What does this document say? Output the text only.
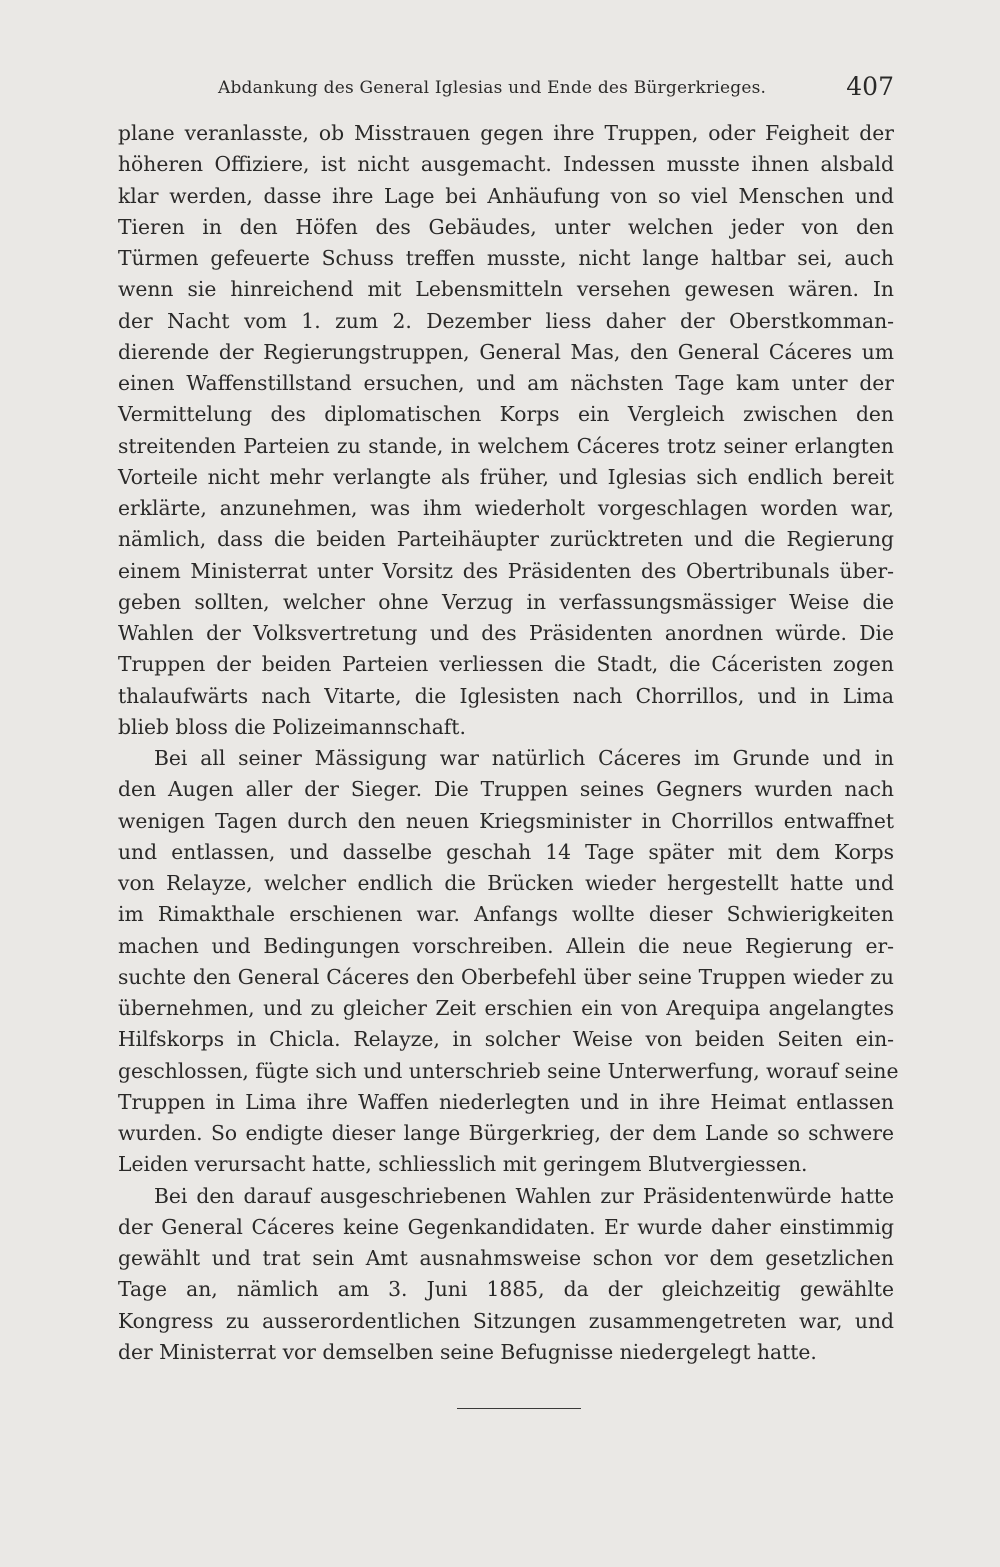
Abdankung des General Iglesias und Ende des Bürgerkrieges.	407
plane veranlasste, ob Misstrauen gegen ihre Truppen, oder Feigheit der
höheren Offiziere, ist nicht ausgemacht. Indessen musste ihnen alsbald
klar werden, dasse ihre Lage bei Anhäufung von so viel Menschen und
Tieren in den Höfen des Gebäudes, unter welchen jeder von den
Türmen gefeuerte Schuss treffen musste, nicht lange haltbar sei, auch
wenn sie hinreichend mit Lebensmitteln versehen gewesen wären. In
der Nacht vom 1. zum 2. Dezember liess daher der Oberstkomman-
dierende der Regierungstruppen, General Mas, den General Cáceres um
einen Waffenstillstand ersuchen, und am nächsten Tage kam unter der
Vermittelung des diplomatischen Korps ein Vergleich zwischen den
streitenden Parteien zu stande, in welchem Cáceres trotz seiner erlangten
Vorteile nicht mehr verlangte als früher, und Iglesias sich endlich bereit
erklärte, anzunehmen, was ihm wiederholt vorgeschlagen worden war,
nämlich, dass die beiden Parteihäupter zurücktreten und die Regierung
einem Ministerrat unter Vorsitz des Präsidenten des Obertribunals über-
geben sollten, welcher ohne Verzug in verfassungsmässiger Weise die
Wahlen der Volksvertretung und des Präsidenten anordnen würde. Die
Truppen der beiden Parteien verliessen die Stadt, die Cáceristen zogen
thalaufwärts nach Vitarte, die Iglesisten nach Chorrillos, und in Lima
blieb bloss die Polizeimannschaft.
Bei all seiner Mässigung war natürlich Cáceres im Grunde und in
den Augen aller der Sieger. Die Truppen seines Gegners wurden nach
wenigen Tagen durch den neuen Kriegsminister in Chorrillos entwaffnet
und entlassen, und dasselbe geschah 14 Tage später mit dem Korps
von Relayze, welcher endlich die Brücken wieder hergestellt hatte und
im Rimakthale erschienen war. Anfangs wollte dieser Schwierigkeiten
machen und Bedingungen vorschreiben. Allein die neue Regierung er-
suchte den General Cáceres den Oberbefehl über seine Truppen wieder zu
übernehmen, und zu gleicher Zeit erschien ein von Arequipa angelangtes
Hilfskorps in Chicla. Relayze, in solcher Weise von beiden Seiten ein-
geschlossen, fügte sich und unterschrieb seine Unterwerfung, worauf seine
Truppen in Lima ihre Waffen niederlegten und in ihre Heimat entlassen
wurden. So endigte dieser lange Bürgerkrieg, der dem Lande so schwere
Leiden verursacht hatte, schliesslich mit geringem Blutvergiessen.
Bei den darauf ausgeschriebenen Wahlen zur Präsidentenwürde hatte
der General Cáceres keine Gegenkandidaten. Er wurde daher einstimmig
gewählt und trat sein Amt ausnahmsweise schon vor dem gesetzlichen
Tage an, nämlich am 3. Juni 1885, da der gleichzeitig gewählte
Kongress zu ausserordentlichen Sitzungen zusammengetreten war, und
der Ministerrat vor demselben seine Befugnisse niedergelegt hatte.
